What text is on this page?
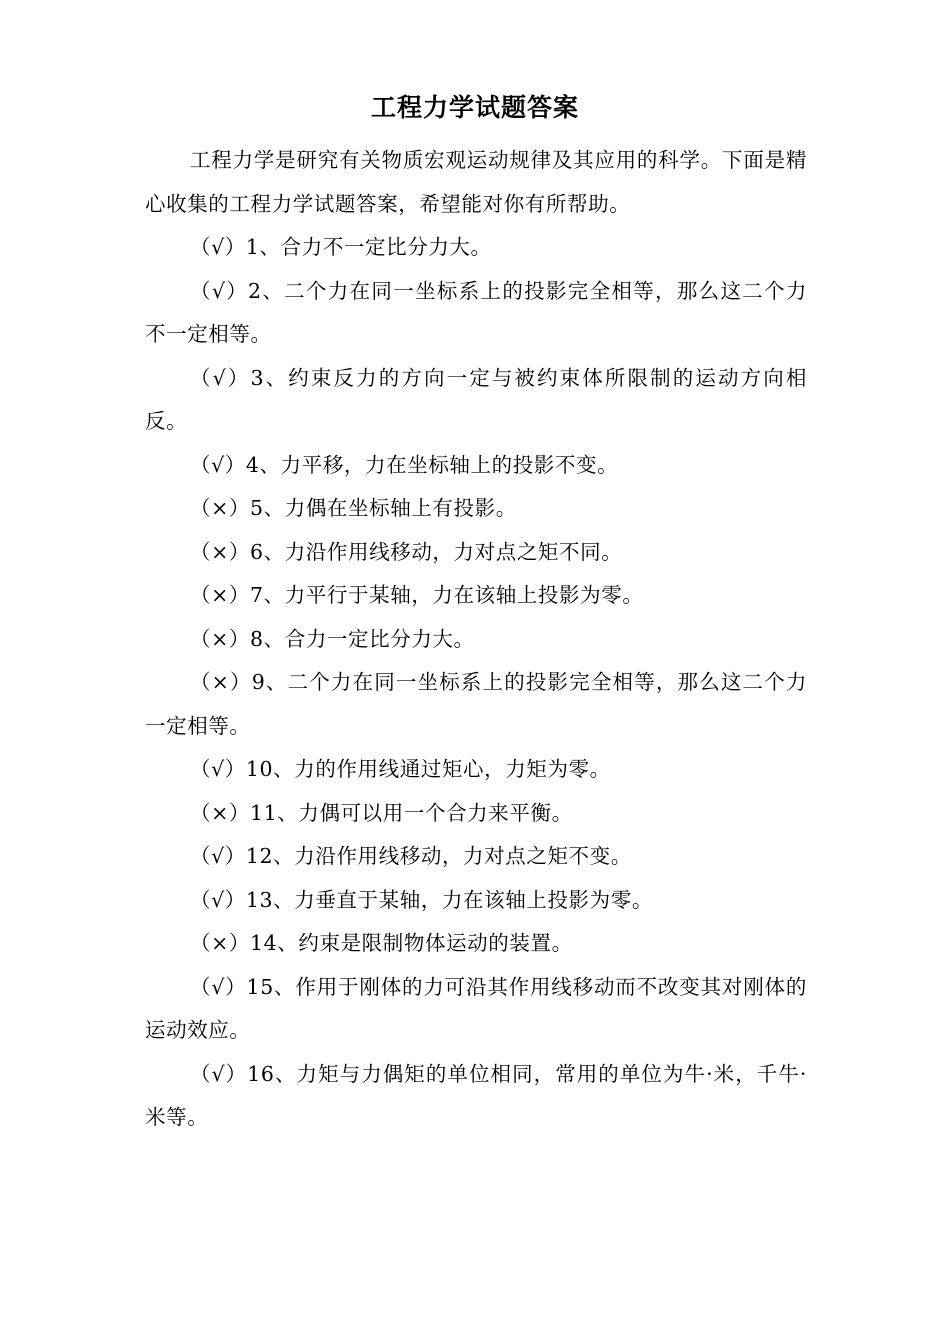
工程力学试题答案

工程力学是研究有关物质宏观运动规律及其应用的科学。下面是精心收集的工程力学试题答案，希望能对你有所帮助。

（√）1、合力不一定比分力大。

（√）2、二个力在同一坐标系上的投影完全相等，那么这二个力不一定相等。

（√）3、约束反力的方向一定与被约束体所限制的运动方向相反。

（√）4、力平移，力在坐标轴上的投影不变。

（×）5、力偶在坐标轴上有投影。

（×）6、力沿作用线移动，力对点之矩不同。

（×）7、力平行于某轴，力在该轴上投影为零。

（×）8、合力一定比分力大。

（×）9、二个力在同一坐标系上的投影完全相等，那么这二个力一定相等。

（√）10、力的作用线通过矩心，力矩为零。

（×）11、力偶可以用一个合力来平衡。

（√）12、力沿作用线移动，力对点之矩不变。

（√）13、力垂直于某轴，力在该轴上投影为零。

（×）14、约束是限制物体运动的装置。

（√）15、作用于刚体的力可沿其作用线移动而不改变其对刚体的运动效应。

（√）16、力矩与力偶矩的单位相同，常用的单位为牛·米，千牛·米等。
